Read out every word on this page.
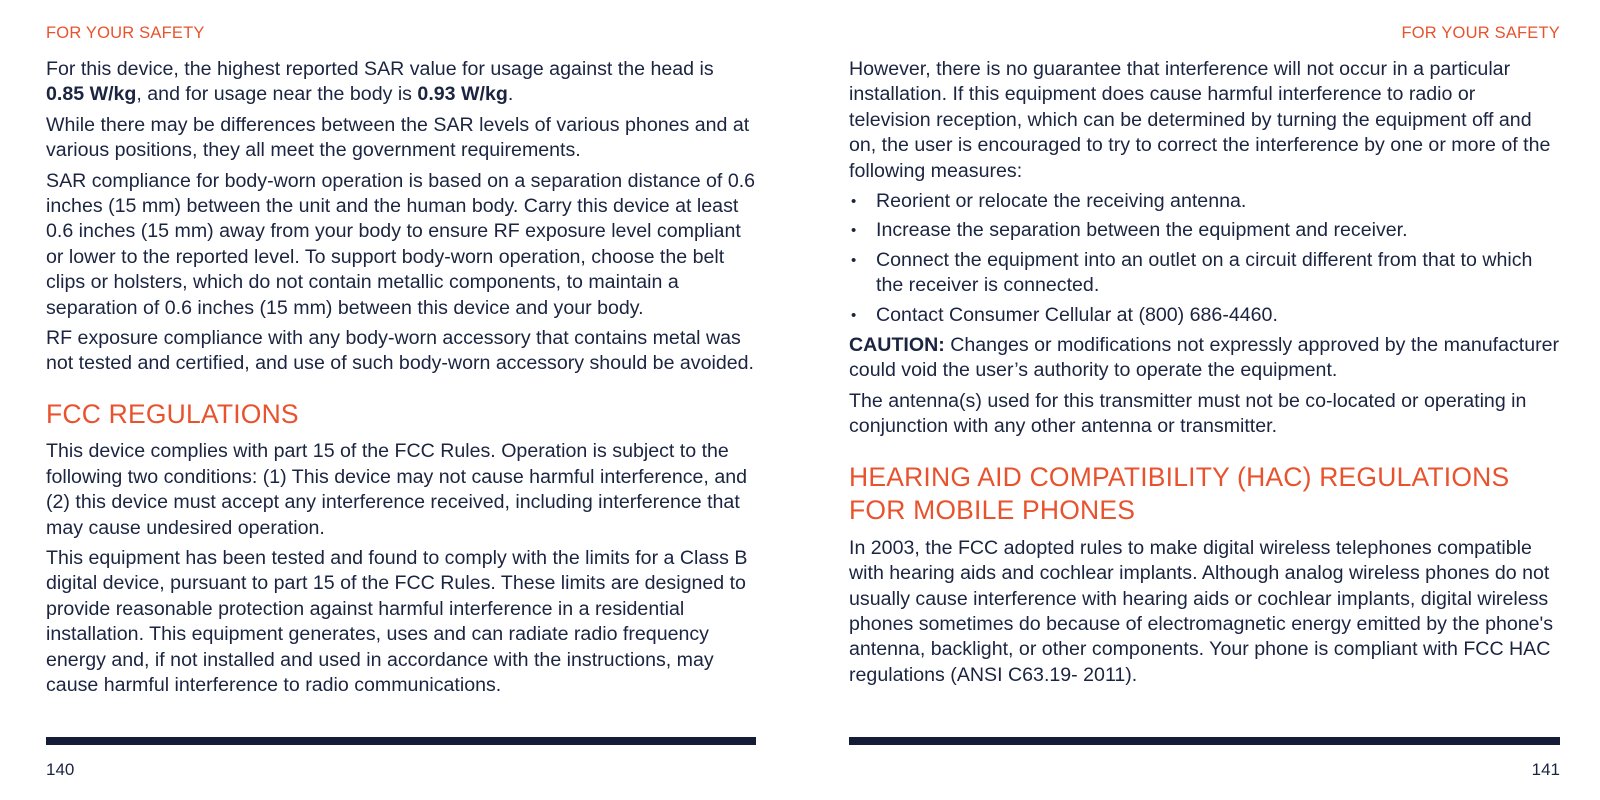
FOR YOUR SAFETY

For this device, the highest reported SAR value for usage against the head is 0.85 W/kg, and for usage near the body is 0.93 W/kg.

While there may be differences between the SAR levels of various phones and at various positions, they all meet the government requirements.

SAR compliance for body-worn operation is based on a separation distance of 0.6 inches (15 mm) between the unit and the human body. Carry this device at least 0.6 inches (15 mm) away from your body to ensure RF exposure level compliant or lower to the reported level. To support body-worn operation, choose the belt clips or holsters, which do not contain metallic components, to maintain a separation of 0.6 inches (15 mm) between this device and your body.

RF exposure compliance with any body-worn accessory that contains metal was not tested and certified, and use of such body-worn accessory should be avoided.

FCC REGULATIONS

This device complies with part 15 of the FCC Rules. Operation is subject to the following two conditions: (1) This device may not cause harmful interference, and (2) this device must accept any interference received, including interference that may cause undesired operation.

This equipment has been tested and found to comply with the limits for a Class B digital device, pursuant to part 15 of the FCC Rules. These limits are designed to provide reasonable protection against harmful interference in a residential installation. This equipment generates, uses and can radiate radio frequency energy and, if not installed and used in accordance with the instructions, may cause harmful interference to radio communications.

140
FOR YOUR SAFETY

However, there is no guarantee that interference will not occur in a particular installation. If this equipment does cause harmful interference to radio or television reception, which can be determined by turning the equipment off and on, the user is encouraged to try to correct the interference by one or more of the following measures:

• Reorient or relocate the receiving antenna.
• Increase the separation between the equipment and receiver.
• Connect the equipment into an outlet on a circuit different from that to which the receiver is connected.
• Contact Consumer Cellular at (800) 686-4460.

CAUTION: Changes or modifications not expressly approved by the manufacturer could void the user’s authority to operate the equipment.

The antenna(s) used for this transmitter must not be co-located or operating in conjunction with any other antenna or transmitter.

HEARING AID COMPATIBILITY (HAC) REGULATIONS FOR MOBILE PHONES

In 2003, the FCC adopted rules to make digital wireless telephones compatible with hearing aids and cochlear implants. Although analog wireless phones do not usually cause interference with hearing aids or cochlear implants, digital wireless phones sometimes do because of electromagnetic energy emitted by the phone's antenna, backlight, or other components. Your phone is compliant with FCC HAC regulations (ANSI C63.19- 2011).

141
